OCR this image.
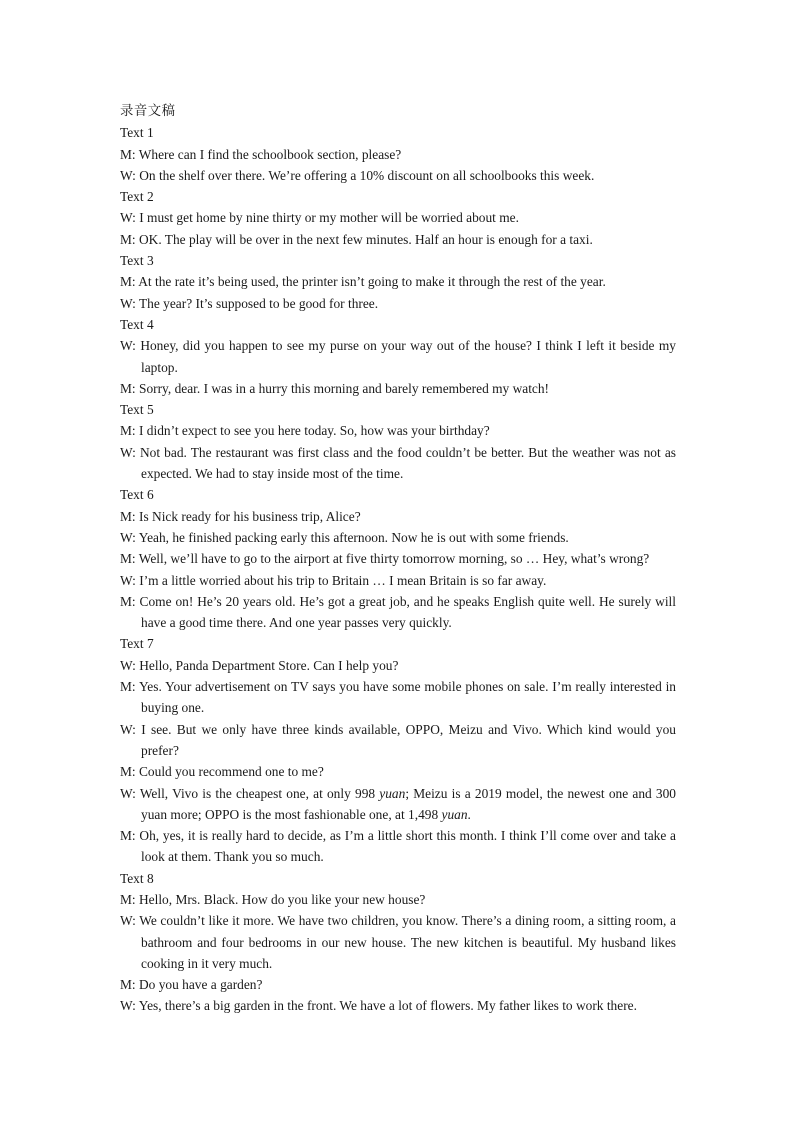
录音文稿
Text 1

M: Where can I find the schoolbook section, please?

W: On the shelf over there. We’re offering a 10% discount on all schoolbooks this week.

Text 2

W: I must get home by nine thirty or my mother will be worried about me.

M: OK. The play will be over in the next few minutes. Half an hour is enough for a taxi.

Text 3

M: At the rate it’s being used, the printer isn’t going to make it through the rest of the year.

W: The year? It’s supposed to be good for three.

Text 4

W: Honey, did you happen to see my purse on your way out of the house? I think I left it beside my laptop.

M: Sorry, dear. I was in a hurry this morning and barely remembered my watch!

Text 5

M: I didn’t expect to see you here today. So, how was your birthday?

W: Not bad. The restaurant was first class and the food couldn’t be better. But the weather was not as expected. We had to stay inside most of the time.

Text 6

M: Is Nick ready for his business trip, Alice?

W: Yeah, he finished packing early this afternoon. Now he is out with some friends.

M: Well, we’ll have to go to the airport at five thirty tomorrow morning, so … Hey, what’s wrong?

W: I’m a little worried about his trip to Britain … I mean Britain is so far away.

M: Come on! He’s 20 years old. He’s got a great job, and he speaks English quite well. He surely will have a good time there. And one year passes very quickly.

Text 7

W: Hello, Panda Department Store. Can I help you?

M: Yes. Your advertisement on TV says you have some mobile phones on sale. I’m really interested in buying one.

W: I see. But we only have three kinds available, OPPO, Meizu and Vivo. Which kind would you prefer?

M: Could you recommend one to me?

W: Well, Vivo is the cheapest one, at only 998 yuan; Meizu is a 2019 model, the newest one and 300 yuan more; OPPO is the most fashionable one, at 1,498 yuan.

M: Oh, yes, it is really hard to decide, as I’m a little short this month. I think I’ll come over and take a look at them. Thank you so much.

Text 8

M: Hello, Mrs. Black. How do you like your new house?

W: We couldn’t like it more. We have two children, you know. There’s a dining room, a sitting room, a bathroom and four bedrooms in our new house. The new kitchen is beautiful. My husband likes cooking in it very much.

M: Do you have a garden?

W: Yes, there’s a big garden in the front. We have a lot of flowers. My father likes to work there.
